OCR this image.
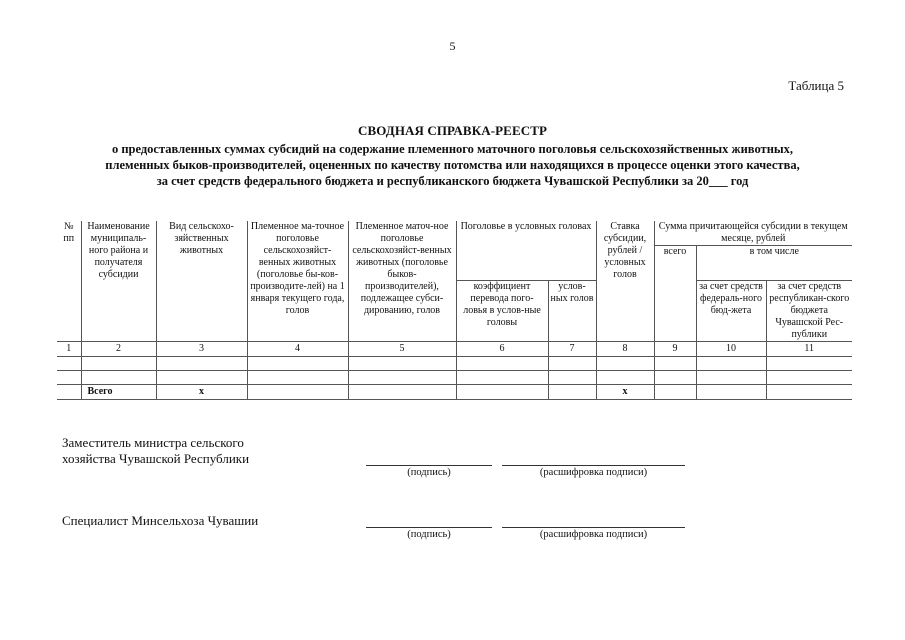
5
Таблица 5
СВОДНАЯ СПРАВКА-РЕЕСТР
о предоставленных суммах субсидий на содержание племенного маточного поголовья сельскохозяйственных животных,
племенных быков-производителей, оцененных по качеству потомства или находящихся в процессе оценки этого качества,
за счет средств федерального бюджета и республиканского бюджета Чувашской Республики за 20___ год
№ пп	Наименование муниципаль-ного района и получателя субсидии	Вид сельскохо-зяйственных животных	Племенное ма-точное поголовье сельскохозяйст-венных животных (поголовье бы-ков-производите-лей) на 1 января текущего года, голов	Племенное маточ-ное поголовье сельскохозяйст-венных животных (поголовье быков-производителей), подлежащее субси-дированию, голов	Поголовье в условных головах		Ставка субсидии, рублей / условных голов	Сумма причитающейся субсидии в текущем месяце, рублей		
								всего	в том числе	
					коэффициент перевода пого-ловья в услов-ные головы	услов-ных голов			за счет средств федераль-ного бюд-жета	за счет средств республикан-ского бюджета Чувашской Рес-публики
1	2	3	4	5	6	7	8	9	10	11

	Всего	x					x			
Заместитель министра сельского
хозяйства Чувашской Республики
(подпись)	(расшифровка подписи)
Специалист Минсельхоза Чувашии
(подпись)	(расшифровка подписи)
